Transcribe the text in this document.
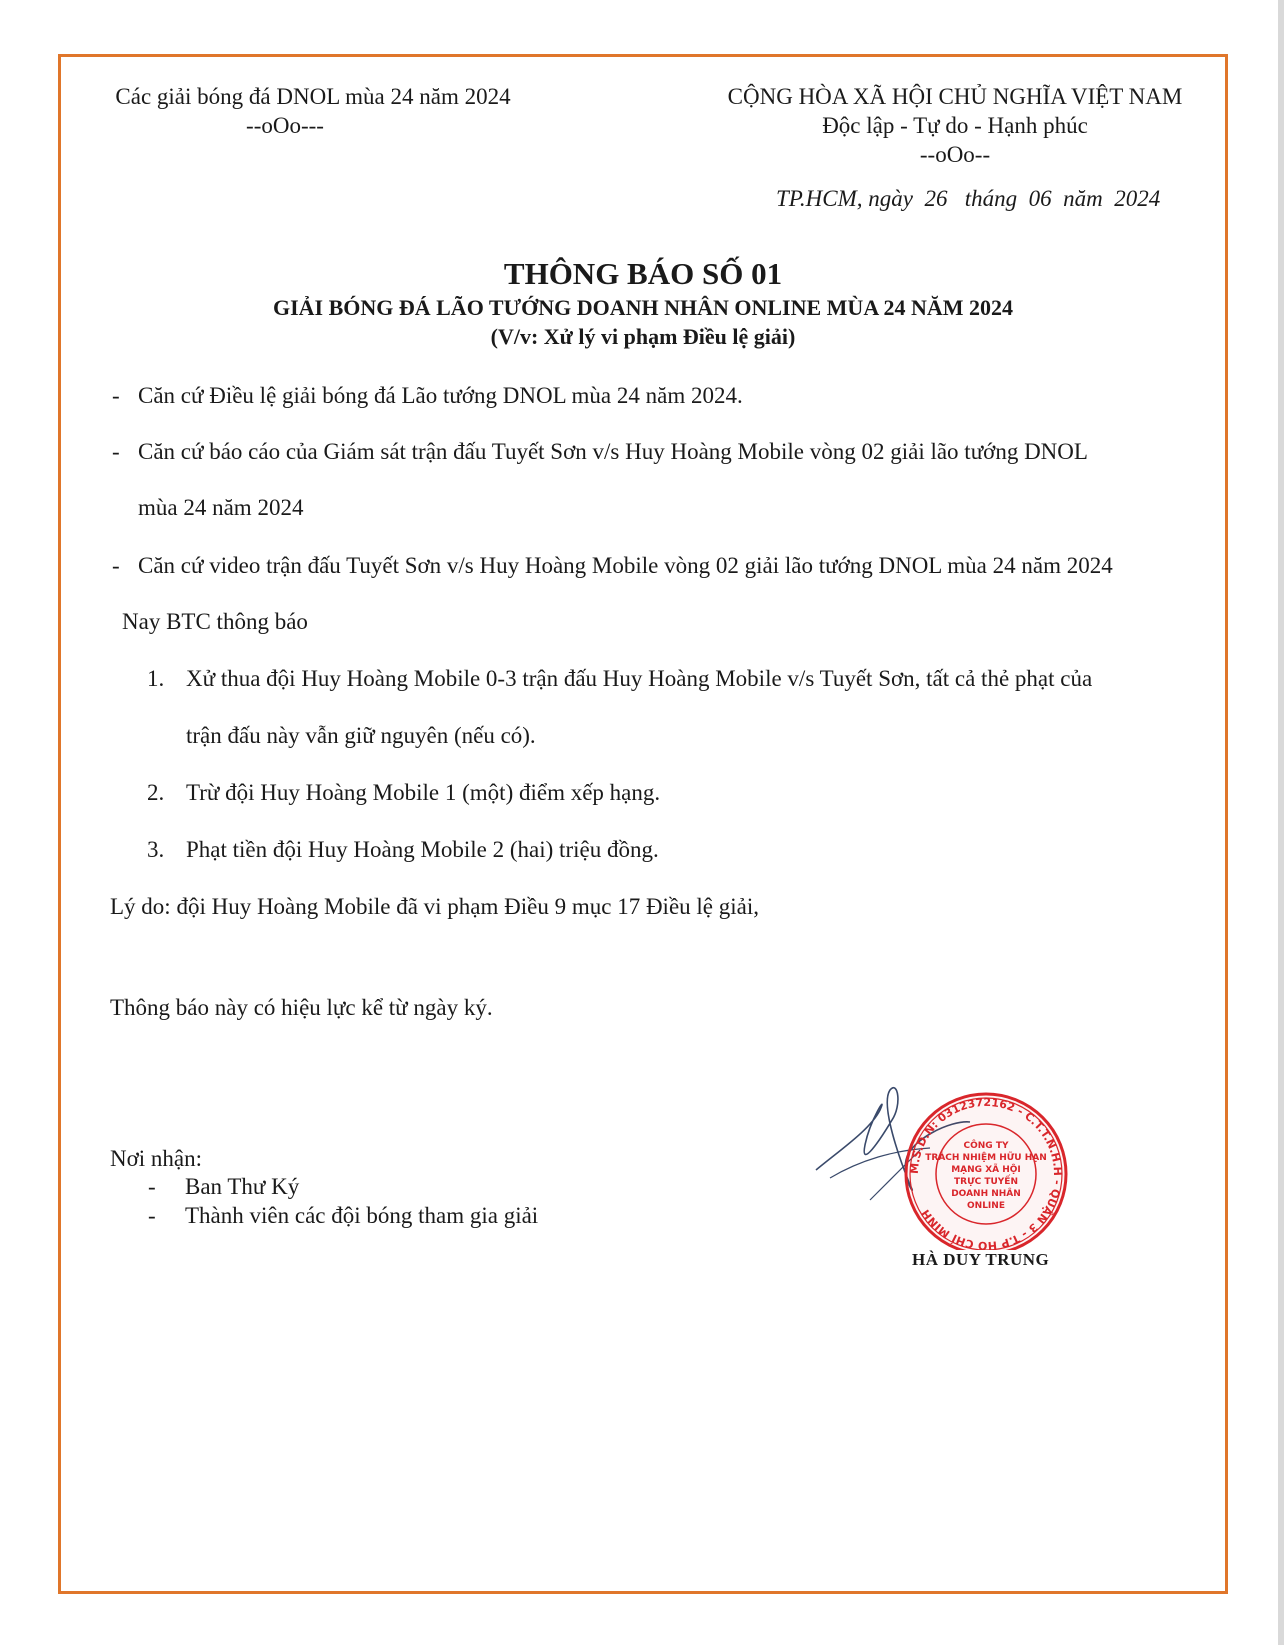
Các giải bóng đá DNOL mùa 24 năm 2024
--oOo---
CỘNG HÒA XÃ HỘI CHỦ NGHĨA VIỆT NAM
Độc lập - Tự do - Hạnh phúc
--oOo--
TP.HCM, ngày  26   tháng  06  năm  2024
THÔNG BÁO SỐ 01
GIẢI BÓNG ĐÁ LÃO TƯỚNG DOANH NHÂN ONLINE MÙA 24 NĂM 2024
(V/v: Xử lý vi phạm Điều lệ giải)
- Căn cứ Điều lệ giải bóng đá Lão tướng DNOL mùa 24 năm 2024.
- Căn cứ báo cáo của Giám sát trận đấu Tuyết Sơn v/s Huy Hoàng Mobile vòng 02 giải lão tướng DNOL
mùa 24 năm 2024
- Căn cứ video trận đấu Tuyết Sơn v/s Huy Hoàng Mobile vòng 02 giải lão tướng DNOL mùa 24 năm 2024
Nay BTC thông báo
1. Xử thua đội Huy Hoàng Mobile 0-3 trận đấu Huy Hoàng Mobile v/s Tuyết Sơn, tất cả thẻ phạt của
trận đấu này vẫn giữ nguyên (nếu có).
2. Trừ đội Huy Hoàng Mobile 1 (một) điểm xếp hạng.
3. Phạt tiền đội Huy Hoàng Mobile 2 (hai) triệu đồng.
Lý do: đội Huy Hoàng Mobile đã vi phạm Điều 9 mục 17 Điều lệ giải,
Thông báo này có hiệu lực kể từ ngày ký.
Nơi nhận:
- Ban Thư Ký
- Thành viên các đội bóng tham gia giải
M.S.D.N: 0312372162 - C.T.T.N.H.H - QUẬN 3 - T.P HỒ CHÍ MINH
CÔNG TY TRÁCH NHIỆM HỮU HẠN MẠNG XÃ HỘI TRỰC TUYẾN DOANH NHÂN ONLINE
HÀ DUY TRUNG
